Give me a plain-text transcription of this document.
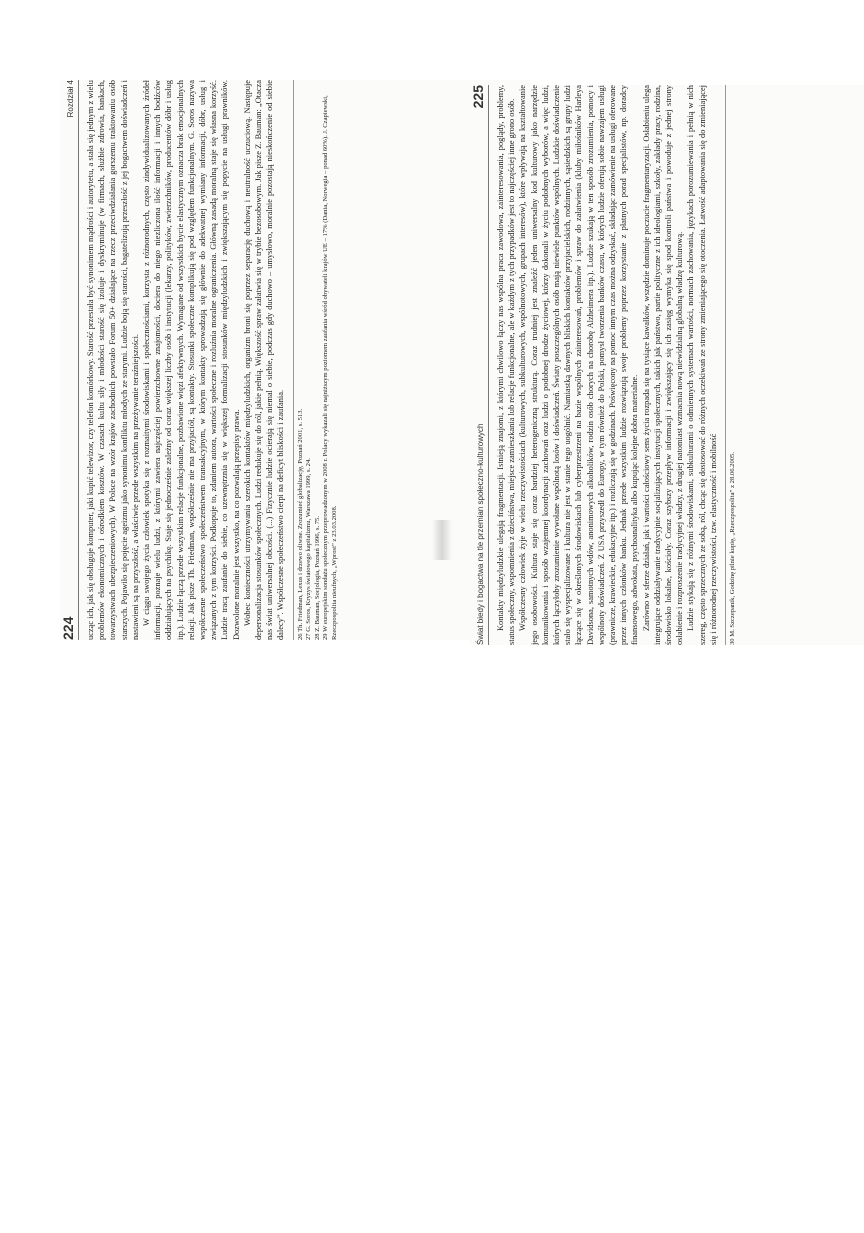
224
Rozdział 4 ucząc ich, jak się obsługuje komputer, jaki kupić telewizor, czy telefon komórkowy. Starość przestała być synonimem mądrości i autorytetu, a stała się jednym z wielu problemów ekonomicznych i ośrodkiem kosztów. W czasach kultu siły i młodości starość się izoluje i dyskryminuje (w firmach, służbie zdrowia, bankach, towarzystwach ubezpieczeniowych). W Polsce na wzór krajów zachodnich powstało Forum 50+ działające na rzecz przeciwdziałania gorszemu traktowaniu osób starszych. Pojawiło się pojęcie ageizmu jako synonimu konfliktu młodych ze starymi. Ludzie boją się starości, bagatelizują przeszłość z jej bogactwem doświadczeń i nastawieni są na przyszłość, a właściwie przede wszystkim na przeżywanie teraźniejszości. W ciągu swojego życia człowiek spotyka się z rozmaitymi środowiskami i społecznościami, korzysta z różnorodnych, często zindywidualizowanych źródeł informacji, poznaje wielu ludzi, z którymi zawiera najczęściej powierzchowne znajomości, dociera do niego niezliczona ilość informacji i innych bodźców oddziałujących na psychikę. Staje się jednocześnie zależny od coraz większej liczby osób i instytucji (lekarzy, polityków, zwierzchników, producentów dóbr i usług itp.). Ludzie łączą przede wszystkim relacje funkcjonalne, pozbawione więzi afektywnych. Wymagane od wszystkich bycie elastycznym oznacza brak emocjonalnych relacji. Jak pisze Th. Friedman, współcześnie nie ma przyjaciół, są kontakty. Stosunki społeczne komplikują się pod względem funkcjonalnym. G. Soros nazywa współczesne społeczeństwo społeczeństwem transakcyjnym, w którym kontakty sprowadzają się głównie do adekwatnej wymiany informacji, dóbr, usług i związanych z tym korzyści. Podkopuje to, zdaniem autora, wartości społeczne i rozluźnia moralne ograniczenia. Główną zasadą moralną staje się własna korzyść. Ludzie tracą zaufanie do siebie, co uzewnętrznia się w większej formalizacji stosunków międzyludzkich i zwiększającym się popycie na usługi prawników. Dozwolone moralnie jest wszystko, na co pozwalają przepisy prawa. Wobec konieczności utrzymywania szerokich kontaktów międzyludzkich, organizm broni się poprzez separację duchową i neutralność uczuciową. Następuje depersonalizacja stosunków społecznych. Ludzi redukuje się do ról, jakie pełnią. Większość spraw załatwia się w trybie bezosobowym. Jak pisze Z. Bauman: „Otacza nas świat uniwersalnej obcości. (...) Fizycznie ludzie ocierają się niemal o siebie, podczas gdy duchowo – umysłowo, moralnie pozostają nieskończenie od siebie dalecy”. Współczesne społeczeństwo cierpi na deficyt bliskości i zaufania. 26 Th. Friedman, Lexus i drzewo oliwne. Zrozumieć globalizację, Poznań 2001, s. 513. 27 G. Soros, Kryzys światowego kapitalizmu, Warszawa 1999, s. 24. 28 Z. Bauman, Socjologia, Poznań 1996, s. 75. 29 W europejskim sondażu społecznym przeprowadzonym w 2008 r. Polacy wykazali się najniższym poziomem zaufania wśród obywateli krajów UE – 17% (Dania, Norwegia – ponad 60%). J. Czapiewski, Rzeczpospolita nieufnych, „Wprost” z 23.03.2008.	Świat biedy i bogactwa na tle przemian społeczno-kulturowych
225 Kontakty międzyludzkie ulegają fragmentacji. Istnieją znajomi, z którymi chwilowo łączy nas wspólna praca zawodowa, zainteresowania, poglądy, problemy, status społeczny, wspomnienia z dzieciństwa, miejsce zamieszkania lub relacje funkcjonalne, ale w każdym z tych przypadków jest to najczęściej inne grono osób. Współczesny człowiek żyje w wielu rzeczywistościach (kulturowych, subkulturowych, wspólnotowych, grupach interesów), które wpływają na kształtowanie jego osobowości. Kultura staje się coraz bardziej heterogeniczną strukturą. Coraz trudniej jest znaleźć jeden uniwersalny kod kulturowy jako narzędzie komunikowania i sposób wzajemnej koordynacji zachowań oraz ludzi o podobnej drodze życiowej, którzy dokonali w życiu podobnych wyborów, a więc ludzi, których łączyłoby zrozumienie wywołane wspólnotą losów i doświadczeń. Światy poszczególnych osób mają niewiele punktów wspólnych. Ludzkie doświadczenie stało się wyspecjalizowane i kultura nie jest w stanie tego uogólnić. Namiastką dawnych bliskich kontaktów przyjacielskich, rodzinnych, sąsiedzkich są grupy ludzi łączące się w określonych środowiskach lub cyberprzestrzeni na bazie wspólnych zainteresowań, problemów i spraw do załatwienia (kluby miłośników Harleya Davidsona, samotnych wdów, anonimowych alkoholików, rodzin osób chorych na chorobę Alzheimera itp.). Ludzie szukają w ten sposób zrozumienia, pomocy i wspólnoty doświadczeń. Z USA przyszedł do Europy, w tym również do Polski, pomysł tworzenia banków czasu, w których ludzie oferują sobie nawzajem usługi (prawnicze, krawieckie, edukacyjne itp.) i rozliczają się w godzinach. Poświęcony na pomoc innym czas można odzyskać, składając zamówienie na usługi oferowane przez innych członków banku. Jednak przede wszystkim ludzie rozwiązują swoje problemy poprzez korzystanie z płatnych porad specjalistów, np. doradcy finansowego, adwokata, psychoanalityka albo kupując kolejne dobra materialne. Zarówno w sferze działań, jak i wartości całościowy sens życia rozpada się na tysiące kawałków, wszędzie dominuje poczucie fragmentaryzacji. Osłabieniu ulega integrujące oddziaływanie tradycyjnie socjalizujących instytucji społecznych, takich jak państwo, partie polityczne z ich ideologiami, szkoły, zakłady pracy, rodzina, środowisko lokalne, kościoły. Coraz szybszy przepływ informacji i zwiększający się ich zasięg wymyka się spod kontroli państwa i powoduje z jednej strony osłabienie i rozproszenie tradycyjnej władzy, z drugiej natomiast wzmacnia nową niewidzialną globalną władzę kulturową. Ludzie stykają się z różnymi środowiskami, subkulturami o odmiennych systemach wartości, normach zachowania, językach porozumiewania i pełnią w nich szereg, często sprzecznych ze sobą, ról, chcąc się dostosować do różnych oczekiwań ze strony zmieniającego się otoczenia. Łatwość adaptowania się do zmieniającej się i różnorodnej rzeczywistości, tzw. elastyczność i mobilność 30 M. Szczepanik, Godzinę pilnie kupię, „Rzeczpospolita” z 28.06.2005.
